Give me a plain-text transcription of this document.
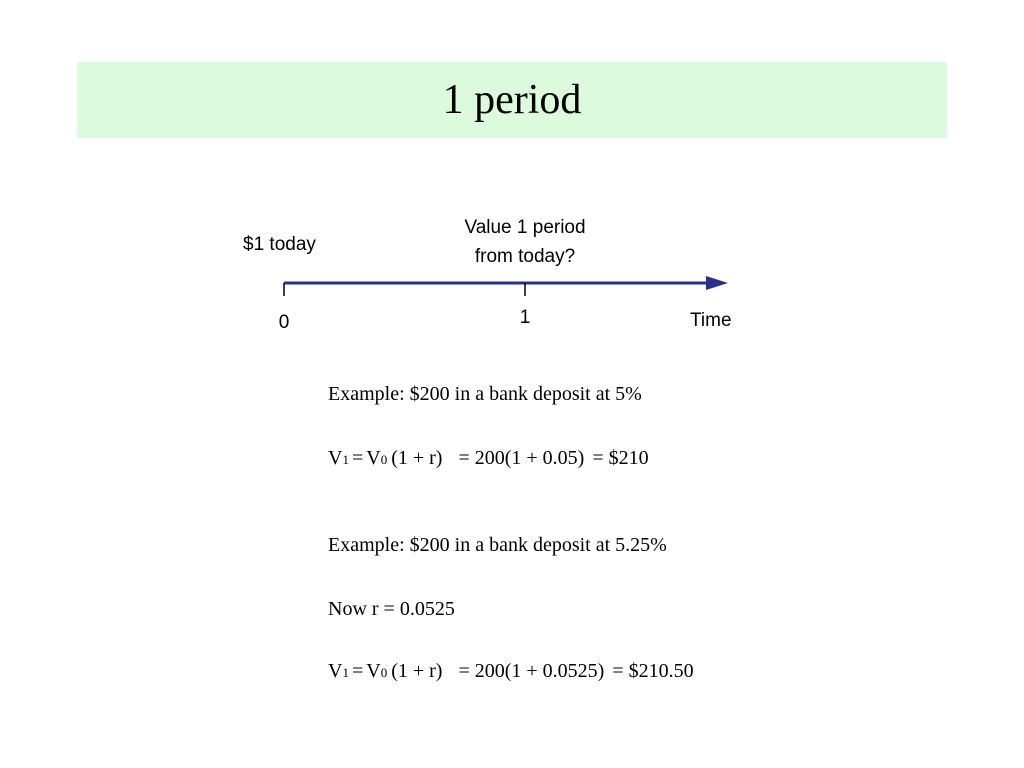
1 period
$1 today
Value 1 period
from today?
0	1	Time
Example: $200 in a bank deposit at 5%
V 1 = V 0 (1 + r) = 200(1 + 0.05) = $210
Example: $200 in a bank deposit at 5.25%
Now r = 0.0525
V 1 = V 0 (1 + r) = 200(1 + 0.0525) = $210.50
